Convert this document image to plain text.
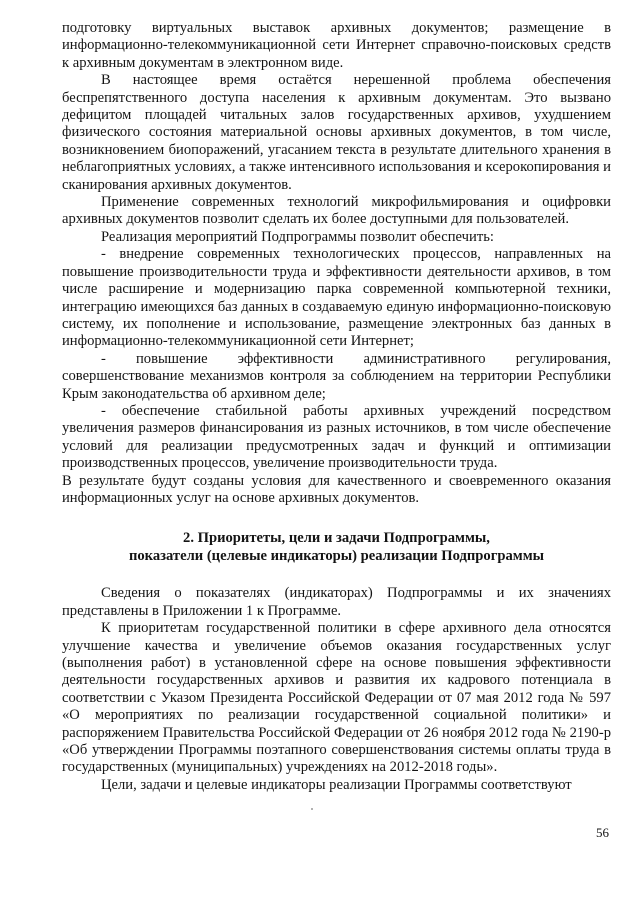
подготовку виртуальных выставок архивных документов; размещение в информационно-телекоммуникационной сети Интернет справочно-поисковых средств к архивным документам в электронном виде.

В настоящее время остаётся нерешенной проблема обеспечения беспрепятственного доступа населения к архивным документам. Это вызвано дефицитом площадей читальных залов государственных архивов, ухудшением физического состояния материальной основы архивных документов, в том числе, возникновением биопоражений, угасанием текста в результате длительного хранения в неблагоприятных условиях, а также интенсивного использования и ксерокопирования и сканирования архивных документов.

Применение современных технологий микрофильмирования и оцифровки архивных документов позволит сделать их более доступными для пользователей.

Реализация мероприятий Подпрограммы позволит обеспечить:

- внедрение современных технологических процессов, направленных на повышение производительности труда и эффективности деятельности архивов, в том числе расширение и модернизацию парка современной компьютерной техники, интеграцию имеющихся баз данных в создаваемую единую информационно-поисковую систему, их пополнение и использование, размещение электронных баз данных в информационно-телекоммуникационной сети Интернет;

- повышение эффективности административного регулирования, совершенствование механизмов контроля за соблюдением на территории Республики Крым законодательства об архивном деле;

- обеспечение стабильной работы архивных учреждений посредством увеличения размеров финансирования из разных источников, в том числе обеспечение условий для реализации предусмотренных задач и функций и оптимизации производственных процессов, увеличение производительности труда.

В результате будут созданы условия для качественного и своевременного оказания информационных услуг на основе архивных документов.

2. Приоритеты, цели и задачи Подпрограммы,
показатели (целевые индикаторы) реализации Подпрограммы

Сведения о показателях (индикаторах) Подпрограммы и их значениях представлены в Приложении 1 к Программе.

К приоритетам государственной политики в сфере архивного дела относятся улучшение качества и увеличение объемов оказания государственных услуг (выполнения работ) в установленной сфере на основе повышения эффективности деятельности государственных архивов и развития их кадрового потенциала в соответствии с Указом Президента Российской Федерации от 07 мая 2012 года № 597 «О мероприятиях по реализации государственной социальной политики» и распоряжением Правительства Российской Федерации от 26 ноября 2012 года № 2190-р «Об утверждении Программы поэтапного совершенствования системы оплаты труда в государственных (муниципальных) учреждениях на 2012-2018 годы».

Цели, задачи и целевые индикаторы реализации Программы соответствуют

56
